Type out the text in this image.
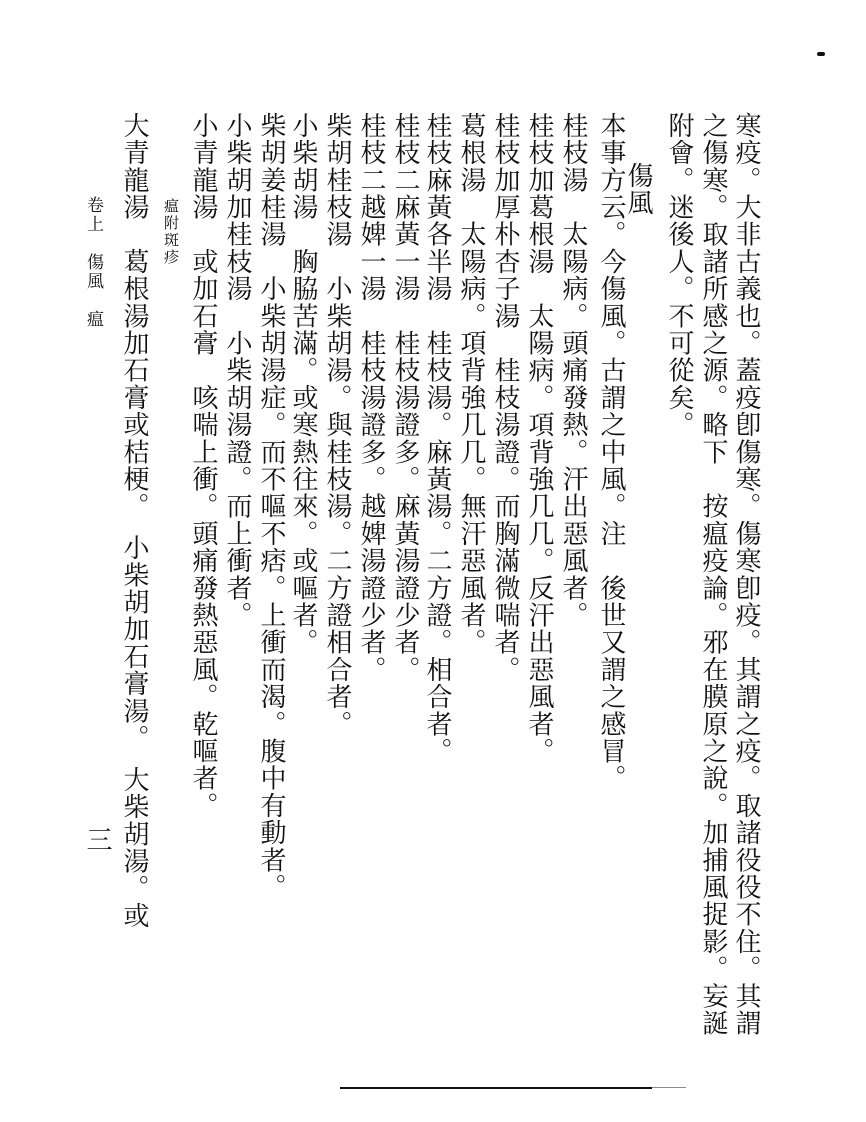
寒疫。大非古義也。蓋疫卽傷寒。傷寒卽疫。其謂之疫。取諸役役不住。其謂
之傷寒。取諸所感之源。略下　按瘟疫論。邪在膜原之說。加捕風捉影。妄誕
附會。迷後人。不可從矣。
傷風
本事方云。今傷風。古謂之中風。注　後世又謂之感冒。
桂枝湯　太陽病。頭痛發熱。汗出惡風者。
桂枝加葛根湯　太陽病。項背強几几。反汗出惡風者。
桂枝加厚朴杏子湯　桂枝湯證。而胸滿微喘者。
葛根湯　太陽病。項背強几几。無汗惡風者。
桂枝麻黃各半湯　桂枝湯。麻黃湯。二方證。相合者。
桂枝二麻黃一湯　桂枝湯證多。麻黃湯證少者。
桂枝二越婢一湯　桂枝湯證多。越婢湯證少者。
柴胡桂枝湯　小柴胡湯。與桂枝湯。二方證相合者。
小柴胡湯　胸脇苦滿。或寒熱往來。或嘔者。
柴胡姜桂湯　小柴胡湯症。而不嘔不痞。上衝而渴。腹中有動者。
小柴胡加桂枝湯　小柴胡湯證。而上衝者。
小青龍湯　或加石膏　咳喘上衝。頭痛發熱惡風。乾嘔者。
瘟附斑疹
大青龍湯　葛根湯加石膏或桔梗。　小柴胡加石膏湯。　大柴胡湯。或
卷上　傷風　瘟
三
